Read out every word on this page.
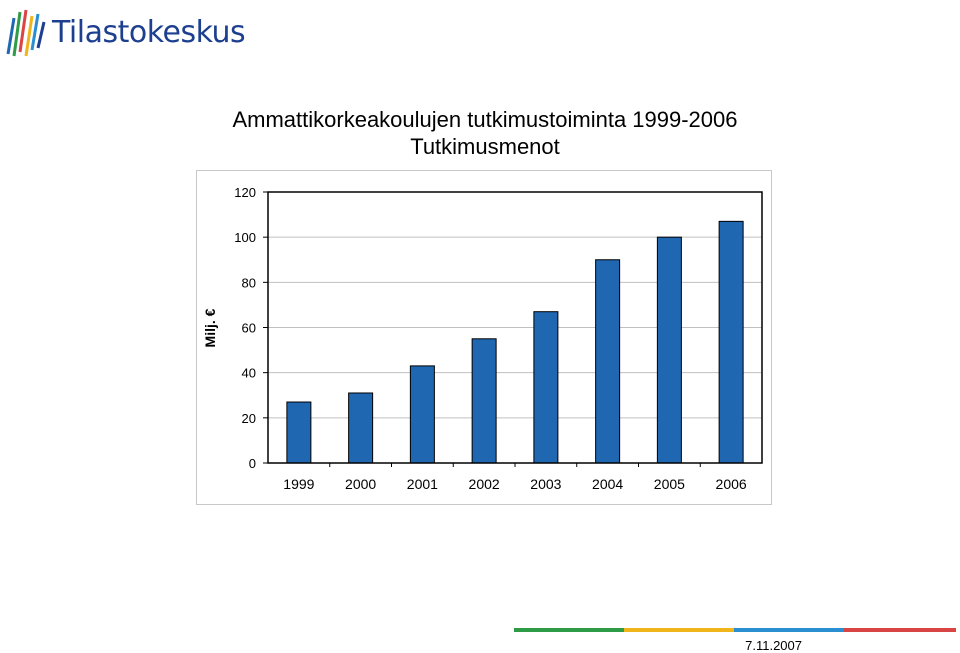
Tilastokeskus
Ammattikorkeakoulujen tutkimustoiminta 1999-2006
Tutkimusmenot
Milj. €
0
20
40
60
80
100
120
1999 2000 2001 2002 2003 2004 2005 2006
7.11.2007
